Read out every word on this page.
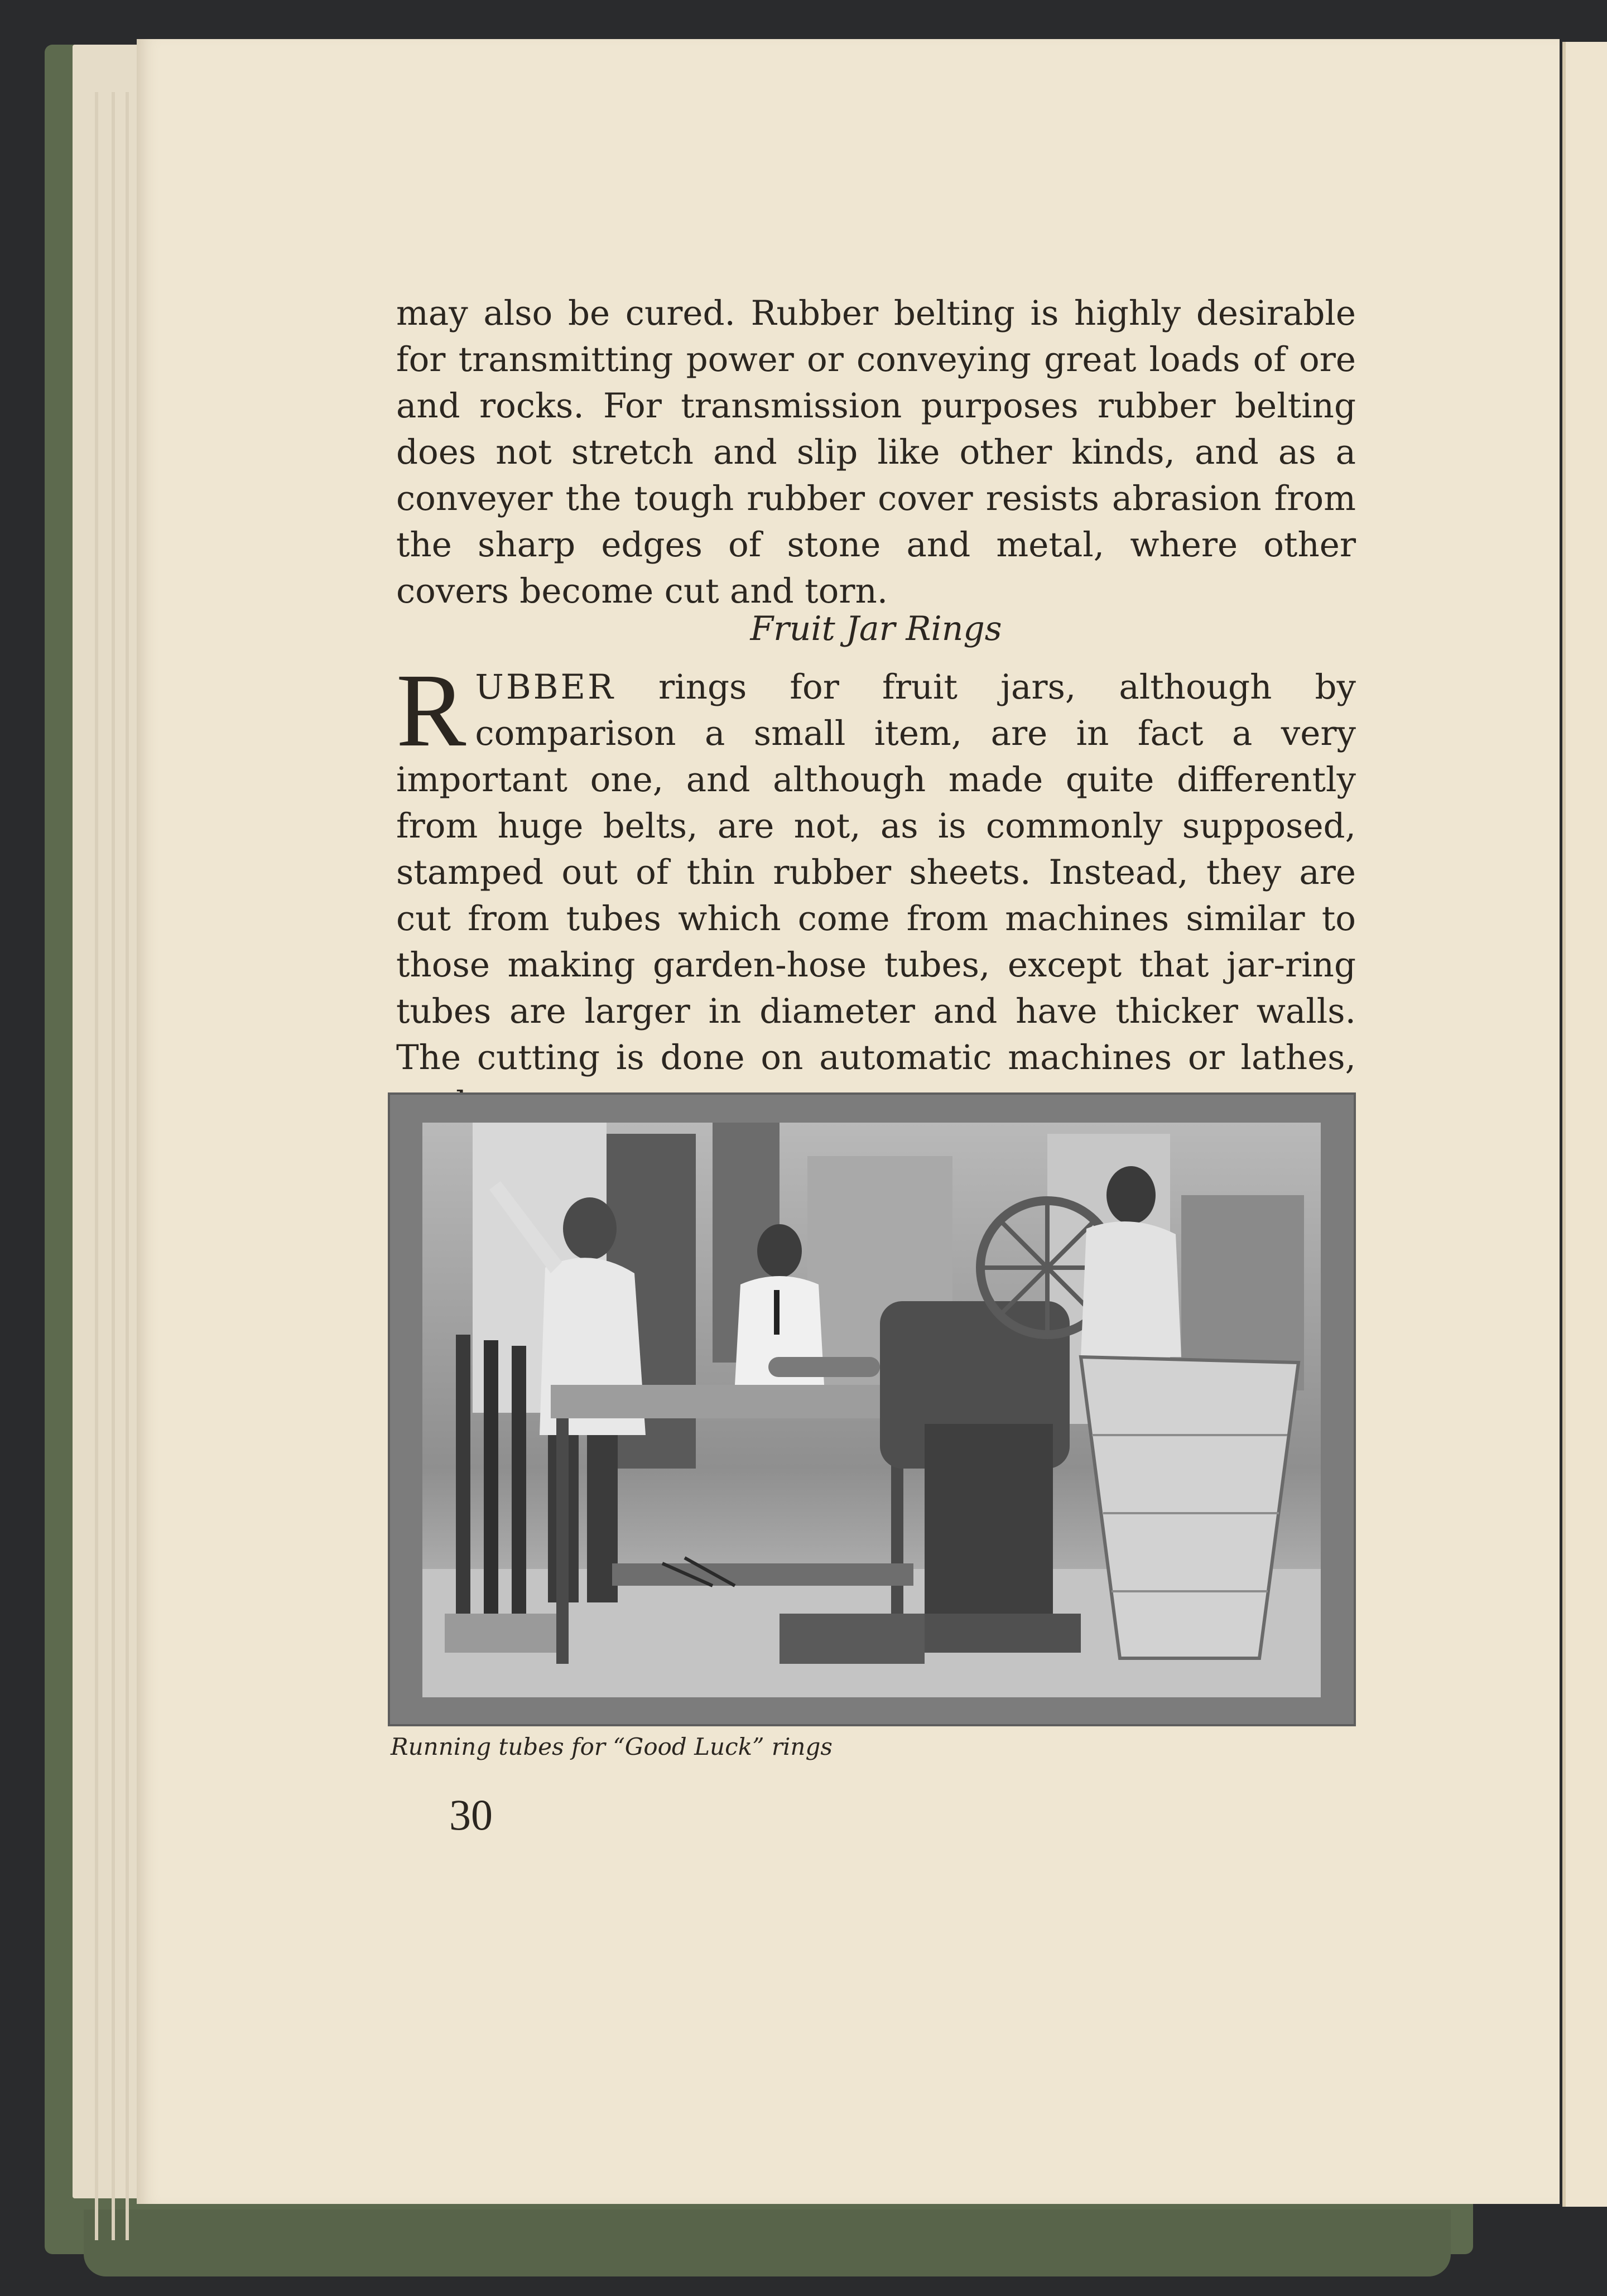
may also be cured. Rubber belting is highly desirable for transmitting power or conveying great loads of ore and rocks. For transmission purposes rubber belting does not stretch and slip like other kinds, and as a conveyer the tough rubber cover resists abrasion from the sharp edges of stone and metal, where other covers become cut and torn.

Fruit Jar Rings

RUBBER rings for fruit jars, although by comparison a small item, are in fact a very important one, and although made quite differently from huge belts, are not, as is commonly supposed, stamped out of thin rubber sheets. Instead, they are cut from tubes which come from machines similar to those making garden-hose tubes, except that jar-ring tubes are larger in diameter and have thicker walls. The cutting is done on automatic machines or lathes,

Running tubes for “Good Luck” rings
30
